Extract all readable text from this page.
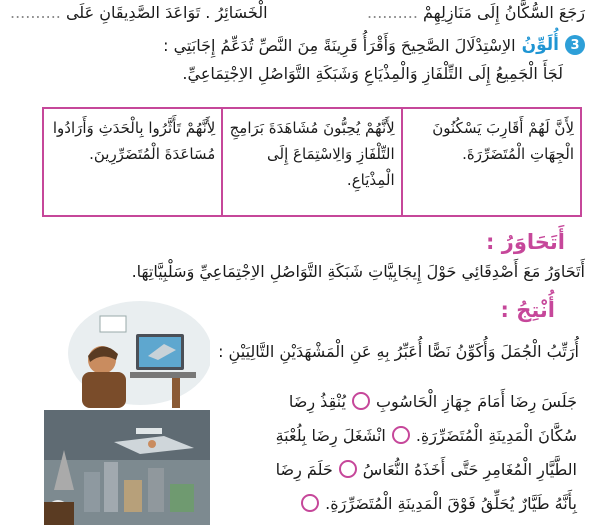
رَجَعَ السُّكَّانُ إِلَى مَنَازِلِهِمْ ..........
الْخَسَائِرُ . تَوَاعَدَ الصَّدِيقَانِ عَلَى ..........
3
أُلَوِّنُ
الاِسْتِدْلَالَ الصَّحِيحَ وَأَقْرَأُ قَرِينَةً مِنَ النَّصِّ تُدَعِّمُ إِجَابَتِي :
لَجَأَ الْجَمِيعُ إِلَى التِّلْفَازِ وَالْمِذْيَاعِ وَشَبَكَةِ التَّوَاصُلِ الاِجْتِمَاعِيِّ.
لِأَنَّ لَهُمْ أَقَارِبَ يَسْكُنُونَ الْجِهَاتِ الْمُتَضَرِّرَةَ.
لِأَنَّهُمْ يُحِبُّونَ مُشَاهَدَةَ بَرَامِجِ التِّلْفَازِ وَالِاسْتِمَاعَ إِلَى الْمِذْيَاعِ.
لِأَنَّهُمْ تَأَثَّرُوا بِالْحَدَثِ وَأَرَادُوا مُسَاعَدَةَ الْمُتَضَرِّرِينَ.
أَتَحَاوَرُ :
أَتَحَاوَرُ مَعَ أَصْدِقَائِي حَوْلَ إِيجَابِيَّاتِ شَبَكَةِ التَّوَاصُلِ الاِجْتِمَاعِيِّ وَسَلْبِيَّاتِهَا.
أُنْتِجُ :
أُرَتِّبُ الْجُمَلَ وَأُكَوِّنُ نَصًّا أُعَبِّرُ بِهِ عَنِ الْمَشْهَدَيْنِ التَّالِيَيْنِ :
جَلَسَ رِضَا أَمَامَ جِهَازِ الْحَاسُوبِ
يُنْقِذُ رِضَا
سُكَّانَ الْمَدِينَةِ الْمُتَضَرِّرَةِ.
انْشَغَلَ رِضَا بِلُعْبَةِ
الطَّيَّارِ الْمُغَامِرِ حَتَّى أَخَذَهُ النُّعَاسُ
حَلَمَ رِضَا
بِأَنَّهُ طَيَّارٌ يُحَلِّقُ فَوْقَ الْمَدِينَةِ الْمُتَضَرِّرَةِ.
